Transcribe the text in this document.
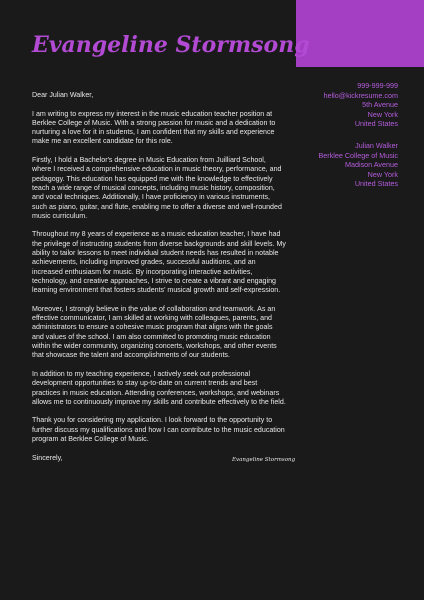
Evangeline Stormsong
999-999-999
hello@kickresume.com
5th Avenue
New York
United States
Julian Walker
Berklee College of Music
Madison Avenue
New York
United States

Dear Julian Walker,

I am writing to express my interest in the music education teacher position at Berklee College of Music. With a strong passion for music and a dedication to nurturing a love for it in students, I am confident that my skills and experience make me an excellent candidate for this role.

Firstly, I hold a Bachelor's degree in Music Education from Juilliard School, where I received a comprehensive education in music theory, performance, and pedagogy. This education has equipped me with the knowledge to effectively teach a wide range of musical concepts, including music history, composition, and vocal techniques. Additionally, I have proficiency in various instruments, such as piano, guitar, and flute, enabling me to offer a diverse and well-rounded music curriculum.

Throughout my 8 years of experience as a music education teacher, I have had the privilege of instructing students from diverse backgrounds and skill levels. My ability to tailor lessons to meet individual student needs has resulted in notable achievements, including improved grades, successful auditions, and an increased enthusiasm for music. By incorporating interactive activities, technology, and creative approaches, I strive to create a vibrant and engaging learning environment that fosters students' musical growth and self-expression.

Moreover, I strongly believe in the value of collaboration and teamwork. As an effective communicator, I am skilled at working with colleagues, parents, and administrators to ensure a cohesive music program that aligns with the goals and values of the school. I am also committed to promoting music education within the wider community, organizing concerts, workshops, and other events that showcase the talent and accomplishments of our students.

In addition to my teaching experience, I actively seek out professional development opportunities to stay up-to-date on current trends and best practices in music education. Attending conferences, workshops, and webinars allows me to continuously improve my skills and contribute effectively to the field.

Thank you for considering my application. I look forward to the opportunity to further discuss my qualifications and how I can contribute to the music education program at Berklee College of Music.

Sincerely,	Evangeline Stormsong
